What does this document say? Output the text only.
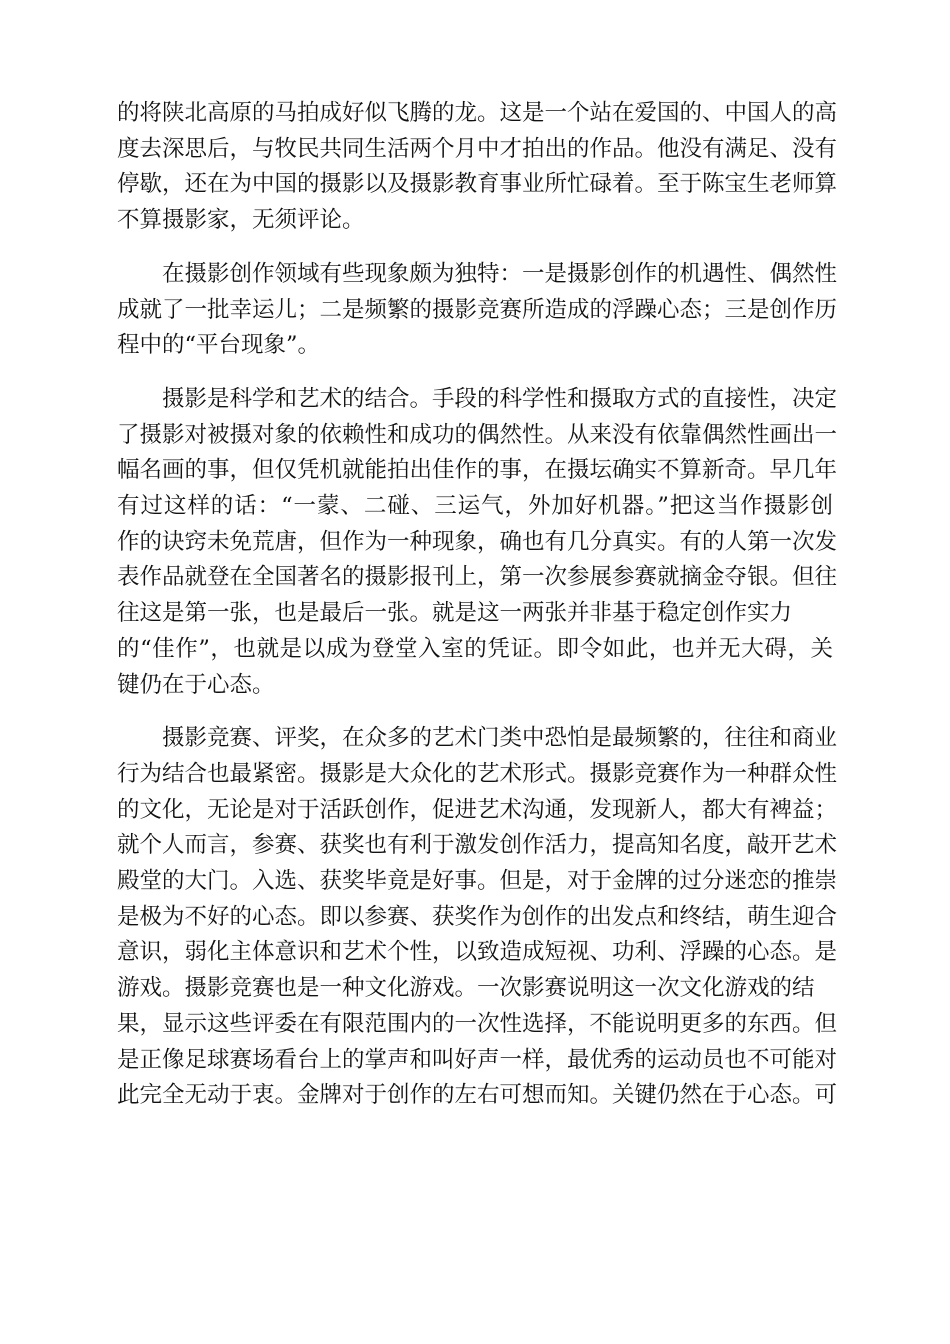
的将陕北高原的马拍成好似飞腾的龙。这是一个站在爱国的、中国人的高
度去深思后，与牧民共同生活两个月中才拍出的作品。他没有满足、没有
停歇，还在为中国的摄影以及摄影教育事业所忙碌着。至于陈宝生老师算
不算摄影家，无须评论。

在摄影创作领域有些现象颇为独特：一是摄影创作的机遇性、偶然性
成就了一批幸运儿；二是频繁的摄影竞赛所造成的浮躁心态；三是创作历
程中的“平台现象”。

摄影是科学和艺术的结合。手段的科学性和摄取方式的直接性，决定
了摄影对被摄对象的依赖性和成功的偶然性。从来没有依靠偶然性画出一
幅名画的事，但仅凭机就能拍出佳作的事，在摄坛确实不算新奇。早几年
有过这样的话：“一蒙、二碰、三运气，外加好机器。”把这当作摄影创
作的诀窍未免荒唐，但作为一种现象，确也有几分真实。有的人第一次发
表作品就登在全国著名的摄影报刊上，第一次参展参赛就摘金夺银。但往
往这是第一张，也是最后一张。就是这一两张并非基于稳定创作实力
的“佳作”，也就是以成为登堂入室的凭证。即令如此，也并无大碍，关
键仍在于心态。

摄影竞赛、评奖，在众多的艺术门类中恐怕是最频繁的，往往和商业
行为结合也最紧密。摄影是大众化的艺术形式。摄影竞赛作为一种群众性
的文化，无论是对于活跃创作，促进艺术沟通，发现新人，都大有裨益；
就个人而言，参赛、获奖也有利于激发创作活力，提高知名度，敲开艺术
殿堂的大门。入选、获奖毕竟是好事。但是，对于金牌的过分迷恋的推崇
是极为不好的心态。即以参赛、获奖作为创作的出发点和终结，萌生迎合
意识，弱化主体意识和艺术个性，以致造成短视、功利、浮躁的心态。是
游戏。摄影竞赛也是一种文化游戏。一次影赛说明这一次文化游戏的结
果，显示这些评委在有限范围内的一次性选择，不能说明更多的东西。但
是正像足球赛场看台上的掌声和叫好声一样，最优秀的运动员也不可能对
此完全无动于衷。金牌对于创作的左右可想而知。关键仍然在于心态。可
